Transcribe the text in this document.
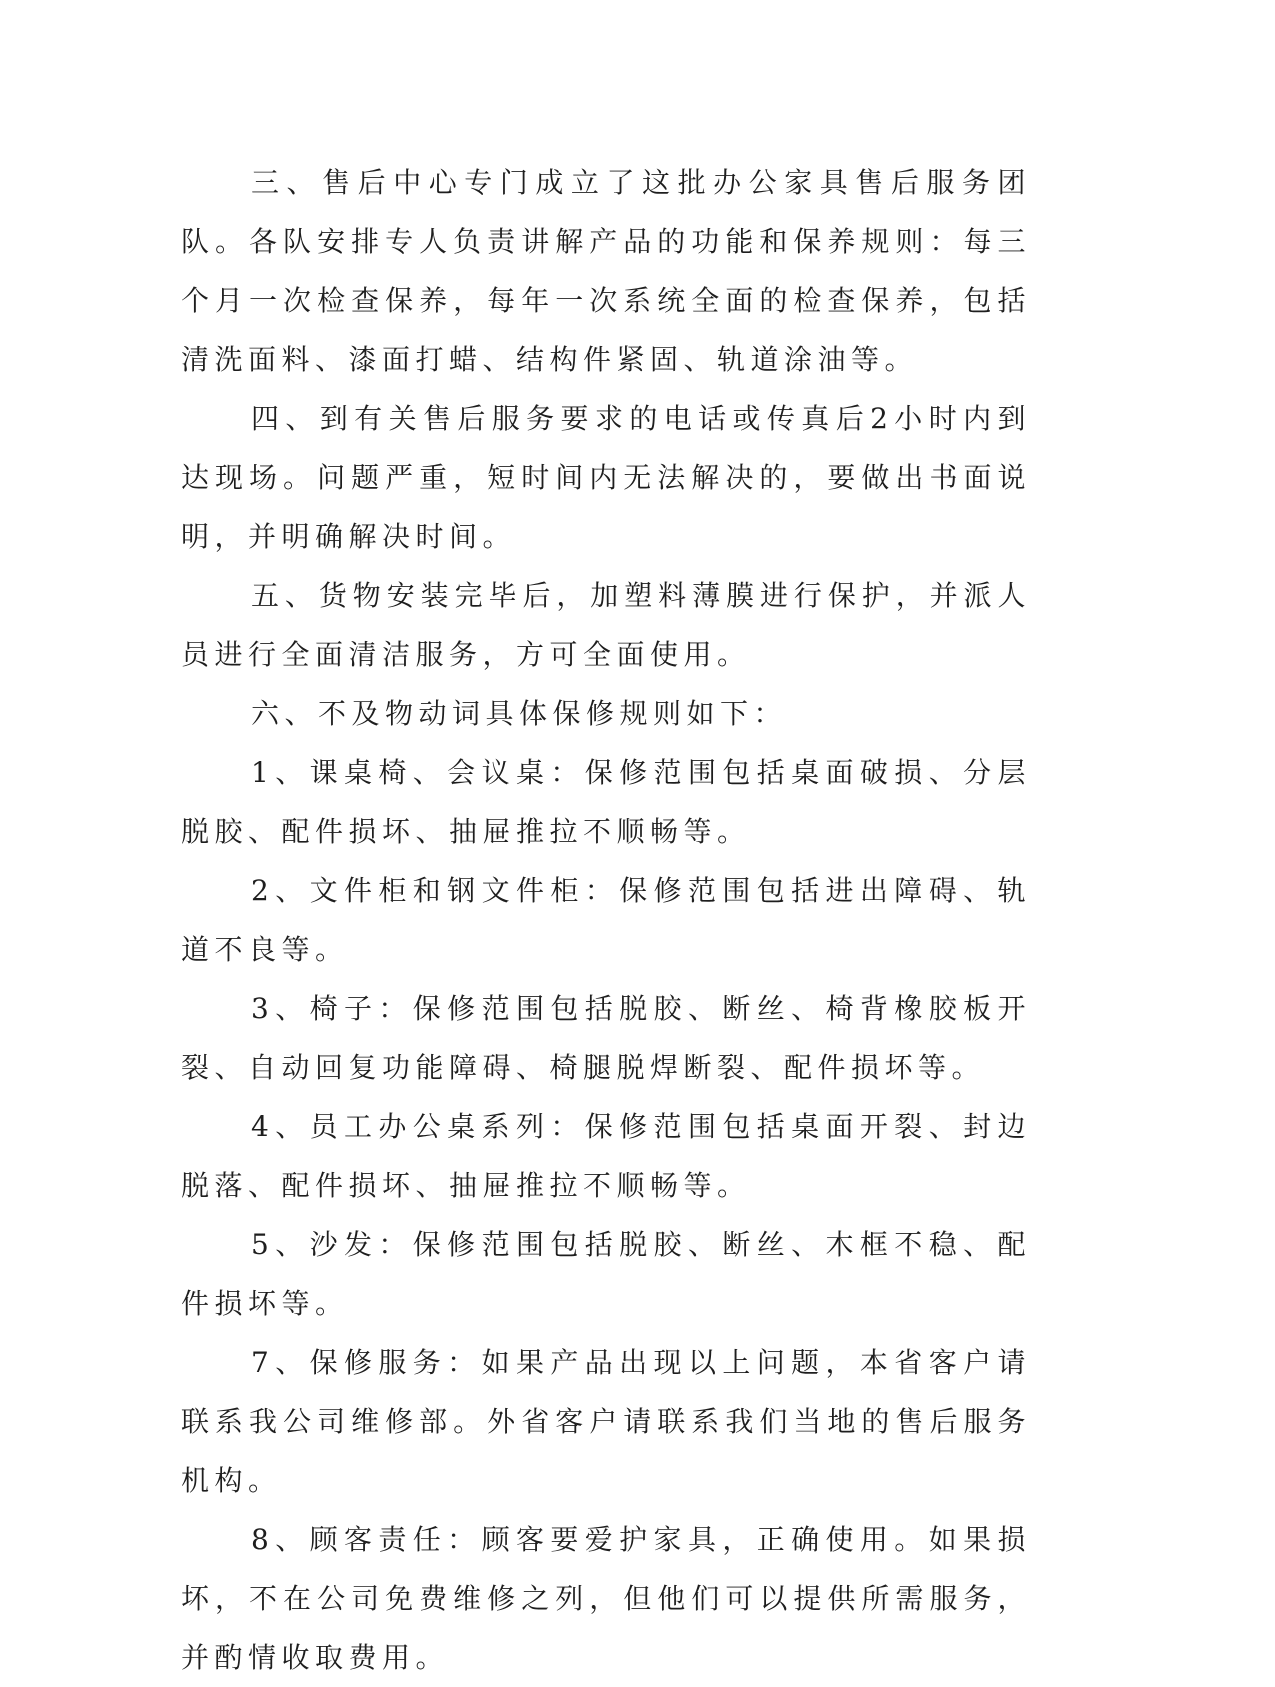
三、售后中心专门成立了这批办公家具售后服务团队。各队安排专人负责讲解产品的功能和保养规则：每三个月一次检查保养，每年一次系统全面的检查保养，包括清洗面料、漆面打蜡、结构件紧固、轨道涂油等。

四、到有关售后服务要求的电话或传真后2小时内到达现场。问题严重，短时间内无法解决的，要做出书面说明，并明确解决时间。

五、货物安装完毕后，加塑料薄膜进行保护，并派人员进行全面清洁服务，方可全面使用。

六、不及物动词具体保修规则如下：

1、课桌椅、会议桌：保修范围包括桌面破损、分层脱胶、配件损坏、抽屉推拉不顺畅等。

2、文件柜和钢文件柜：保修范围包括进出障碍、轨道不良等。

3、椅子：保修范围包括脱胶、断丝、椅背橡胶板开裂、自动回复功能障碍、椅腿脱焊断裂、配件损坏等。

4、员工办公桌系列：保修范围包括桌面开裂、封边脱落、配件损坏、抽屉推拉不顺畅等。

5、沙发：保修范围包括脱胶、断丝、木框不稳、配件损坏等。

7、保修服务：如果产品出现以上问题，本省客户请联系我公司维修部。外省客户请联系我们当地的售后服务机构。

8、顾客责任：顾客要爱护家具，正确使用。如果损坏，不在公司免费维修之列，但他们可以提供所需服务，并酌情收取费用。
